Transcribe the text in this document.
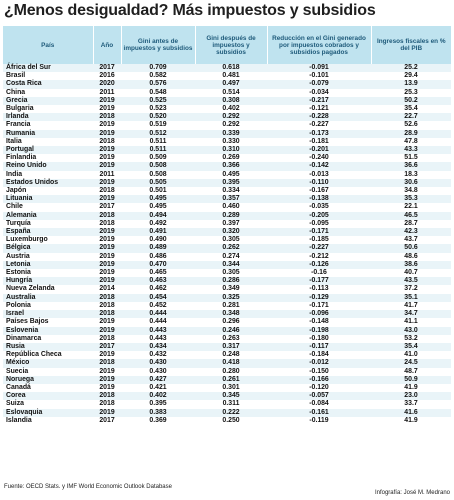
¿Menos desigualdad? Más impuestos y subsidios
País	Año	Gini antes de impuestos y subsidios	Gini después de impuestos y subsidios	Reducción en el Gini generado por impuestos cobrados y subsidios pagados	Ingresos fiscales en % del PIB
África del Sur	2017	0.709	0.618	-0.091	25.2
Brasil	2016	0.582	0.481	-0.101	29.4
Costa Rica	2020	0.576	0.497	-0.079	13.9
China	2011	0.548	0.514	-0.034	25.3
Grecia	2019	0.525	0.308	-0.217	50.2
Bulgaria	2019	0.523	0.402	-0.121	35.4
Irlanda	2018	0.520	0.292	-0.228	22.7
Francia	2019	0.519	0.292	-0.227	52.6
Rumania	2019	0.512	0.339	-0.173	28.9
Italia	2018	0.511	0.330	-0.181	47.8
Portugal	2019	0.511	0.310	-0.201	43.3
Finlandia	2019	0.509	0.269	-0.240	51.5
Reino Unido	2019	0.508	0.366	-0.142	36.6
India	2011	0.508	0.495	-0.013	18.3
Estados Unidos	2019	0.505	0.395	-0.110	30.6
Japón	2018	0.501	0.334	-0.167	34.8
Lituania	2019	0.495	0.357	-0.138	35.3
Chile	2017	0.495	0.460	-0.035	22.1
Alemania	2018	0.494	0.289	-0.205	46.5
Turquía	2018	0.492	0.397	-0.095	28.7
España	2019	0.491	0.320	-0.171	42.3
Luxemburgo	2019	0.490	0.305	-0.185	43.7
Bélgica	2019	0.489	0.262	-0.227	50.6
Austria	2019	0.486	0.274	-0.212	48.6
Letonia	2019	0.470	0.344	-0.126	38.6
Estonia	2019	0.465	0.305	-0.16	40.7
Hungría	2019	0.463	0.286	-0.177	43.5
Nueva Zelanda	2014	0.462	0.349	-0.113	37.2
Australia	2018	0.454	0.325	-0.129	35.1
Polonia	2018	0.452	0.281	-0.171	41.7
Israel	2018	0.444	0.348	-0.096	34.7
Países Bajos	2019	0.444	0.296	-0.148	41.1
Eslovenia	2019	0.443	0.246	-0.198	43.0
Dinamarca	2018	0.443	0.263	-0.180	53.2
Rusia	2017	0.434	0.317	-0.117	35.4
República Checa	2019	0.432	0.248	-0.184	41.0
México	2018	0.430	0.418	-0.012	24.5
Suecia	2019	0.430	0.280	-0.150	48.7
Noruega	2019	0.427	0.261	-0.166	50.9
Canadá	2019	0.421	0.301	-0.120	41.9
Corea	2018	0.402	0.345	-0.057	23.0
Suiza	2018	0.395	0.311	-0.084	33.7
Eslovaquia	2019	0.383	0.222	-0.161	41.6
Islandia	2017	0.369	0.250	-0.119	41.9
Fuente: OECD Stats. y IMF World Economic Outlook Database
Infografía: José M. Medrano
